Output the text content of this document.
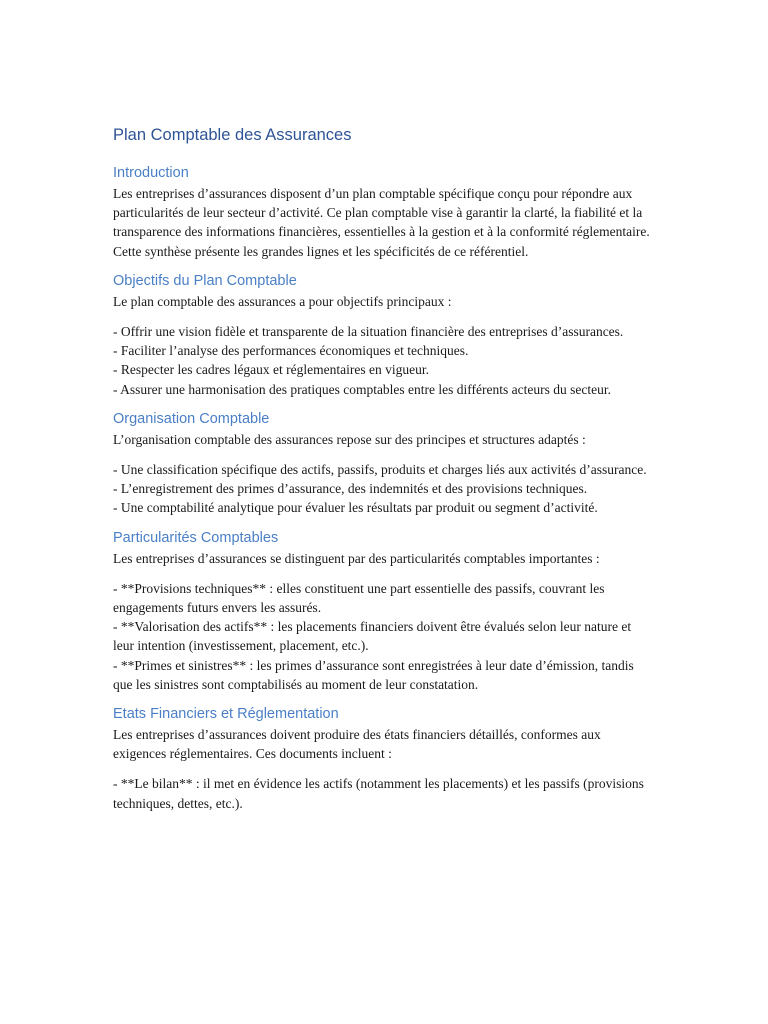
Plan Comptable des Assurances
Introduction

Les entreprises d’assurances disposent d’un plan comptable spécifique conçu pour répondre aux particularités de leur secteur d’activité. Ce plan comptable vise à garantir la clarté, la fiabilité et la transparence des informations financières, essentielles à la gestion et à la conformité réglementaire. Cette synthèse présente les grandes lignes et les spécificités de ce référentiel.

Objectifs du Plan Comptable

Le plan comptable des assurances a pour objectifs principaux :

- Offrir une vision fidèle et transparente de la situation financière des entreprises d’assurances.
- Faciliter l’analyse des performances économiques et techniques.
- Respecter les cadres légaux et réglementaires en vigueur.
- Assurer une harmonisation des pratiques comptables entre les différents acteurs du secteur.
Organisation Comptable

L’organisation comptable des assurances repose sur des principes et structures adaptés :

- Une classification spécifique des actifs, passifs, produits et charges liés aux activités d’assurance.
- L’enregistrement des primes d’assurance, des indemnités et des provisions techniques.
- Une comptabilité analytique pour évaluer les résultats par produit ou segment d’activité.
Particularités Comptables

Les entreprises d’assurances se distinguent par des particularités comptables importantes :

- **Provisions techniques** : elles constituent une part essentielle des passifs, couvrant les engagements futurs envers les assurés.
- **Valorisation des actifs** : les placements financiers doivent être évalués selon leur nature et leur intention (investissement, placement, etc.).
- **Primes et sinistres** : les primes d’assurance sont enregistrées à leur date d’émission, tandis que les sinistres sont comptabilisés au moment de leur constatation.
Etats Financiers et Réglementation

Les entreprises d’assurances doivent produire des états financiers détaillés, conformes aux exigences réglementaires. Ces documents incluent :

- **Le bilan** : il met en évidence les actifs (notamment les placements) et les passifs (provisions techniques, dettes, etc.).
